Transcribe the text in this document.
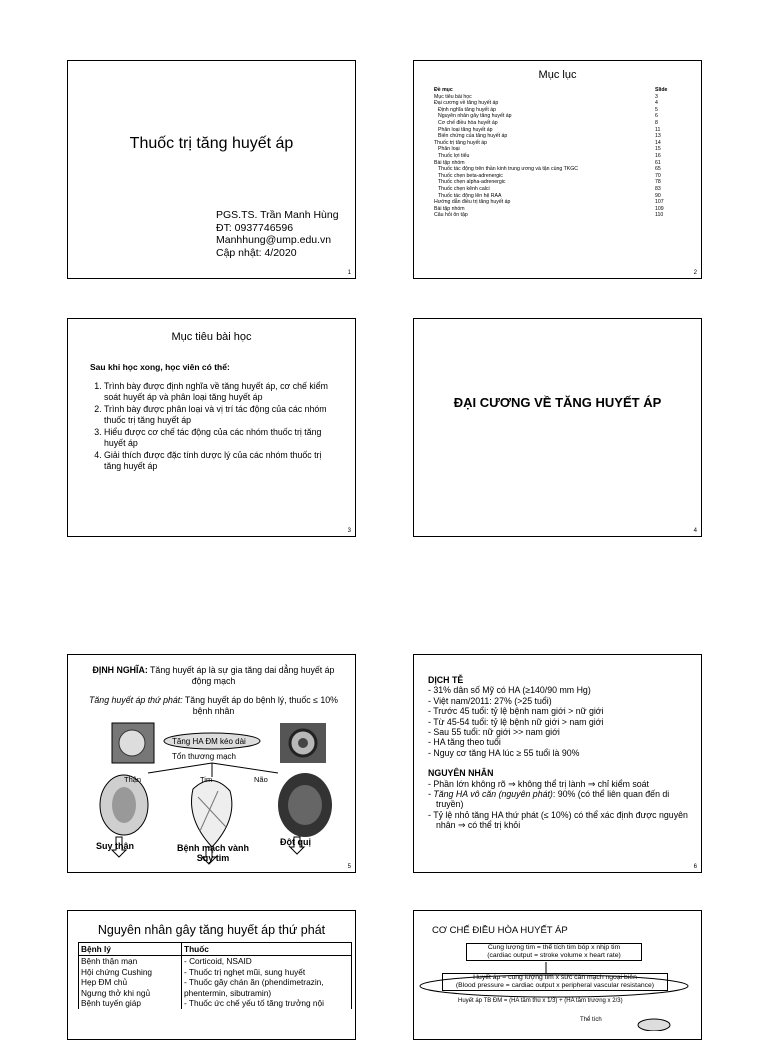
Thuốc trị tăng huyết áp
PGS.TS. Trần Manh Hùng
ĐT: 0937746596
Manhhung@ump.edu.vn
Cập nhật: 4/2020
1
Mục lục
Đề mục	Slide
Mục tiêu bài học	3
Đại cương về tăng huyết áp	4
Định nghĩa tăng huyết áp	5
Nguyên nhân gây tăng huyết áp	6
Cơ chế điều hòa huyết áp	8
Phân loại tăng huyết áp	11
Biến chứng của tăng huyết áp	13
Thuốc trị tăng huyết áp	14
Phân loại	15
Thuốc lợi tiểu	16
Bài tập nhóm	61
Thuốc tác động trên thần kinh trung ương và tận cùng TKGC	65
Thuốc chẹn beta-adrenergic	70
Thuốc chẹn alpha-adrenergic	78
Thuốc chẹn kênh calci	83
Thuốc tác động lên hệ RAA	90
Hướng dẫn điều trị tăng huyết áp	107
Bài tập nhóm	109
Câu hỏi ôn tập	110
2
Mục tiêu bài học
Sau khi học xong, học viên có thể:
1. Trình bày được định nghĩa về tăng huyết áp, cơ chế kiểm soát huyết áp và phân loại tăng huyết áp
2. Trình bày được phân loại và vị trí tác động của các nhóm thuốc trị tăng huyết áp
3. Hiểu được cơ chế tác động của các nhóm thuốc trị tăng huyết áp
4. Giải thích được đặc tính dược lý của các nhóm thuốc trị tăng huyết áp
3
ĐẠI CƯƠNG VỀ TĂNG HUYẾT ÁP
4
ĐỊNH NGHĨA: Tăng huyết áp là sự gia tăng dai dẳng huyết áp động mạch
Tăng huyết áp thứ phát: Tăng huyết áp do bệnh lý, thuốc ≤ 10% bệnh nhân
Tăng HA ĐM kéo dài
Tổn thương mạch
Thận	Tim	Não
Suy thận	Bệnh mạch vành
Suy tim
Đột quị
5
DỊCH TỄ
- 31% dân số Mỹ có HA (≥140/90 mm Hg)
- Việt nam/2011: 27% (>25 tuổi)
- Trước 45 tuổi: tỷ lệ bệnh nam giới > nữ giới
- Từ 45-54 tuổi: tỷ lệ bệnh nữ giới > nam giới
- Sau 55 tuổi: nữ giới >> nam giới
- HA tăng theo tuổi
- Nguy cơ tăng HA lúc ≥ 55 tuổi là 90%
NGUYÊN NHÂN
- Phần lớn không rõ ⇒ không thể trị lành ⇒ chỉ kiểm soát
- Tăng HA vô căn (nguyên phát): 90% (có thể liên quan đến di truyền)
- Tỷ lệ nhỏ tăng HA thứ phát (≤ 10%) có thể xác định được nguyên nhân ⇒ có thể trị khỏi
6
Nguyên nhân gây tăng huyết áp thứ phát
Bệnh lý	Thuốc
Bệnh thận mạn	- Corticoid, NSAID
Hội chứng Cushing	- Thuốc trị nghẹt mũi, sung huyết
Hẹp ĐM chủ	- Thuốc gây chán ăn (phendimetrazin,
Ngưng thở khi ngủ	phentermin, sibutramin)
Bệnh tuyến giáp	- Thuốc ức chế yếu tố tăng trưởng nội
CƠ CHẾ ĐIỀU HÒA HUYẾT ÁP
Cung lượng tim = thể tích tim bóp x nhịp tim
(cardiac output = stroke volume x heart rate)
Huyết áp = cung lượng tim x sức cản mạch ngoại biên
(Blood pressure = cardiac output x peripheral vascular resistance)
Huyết áp TB ĐM = (HA tâm thu x 1/3) + (HA tâm trương x 2/3)
Thể tích
